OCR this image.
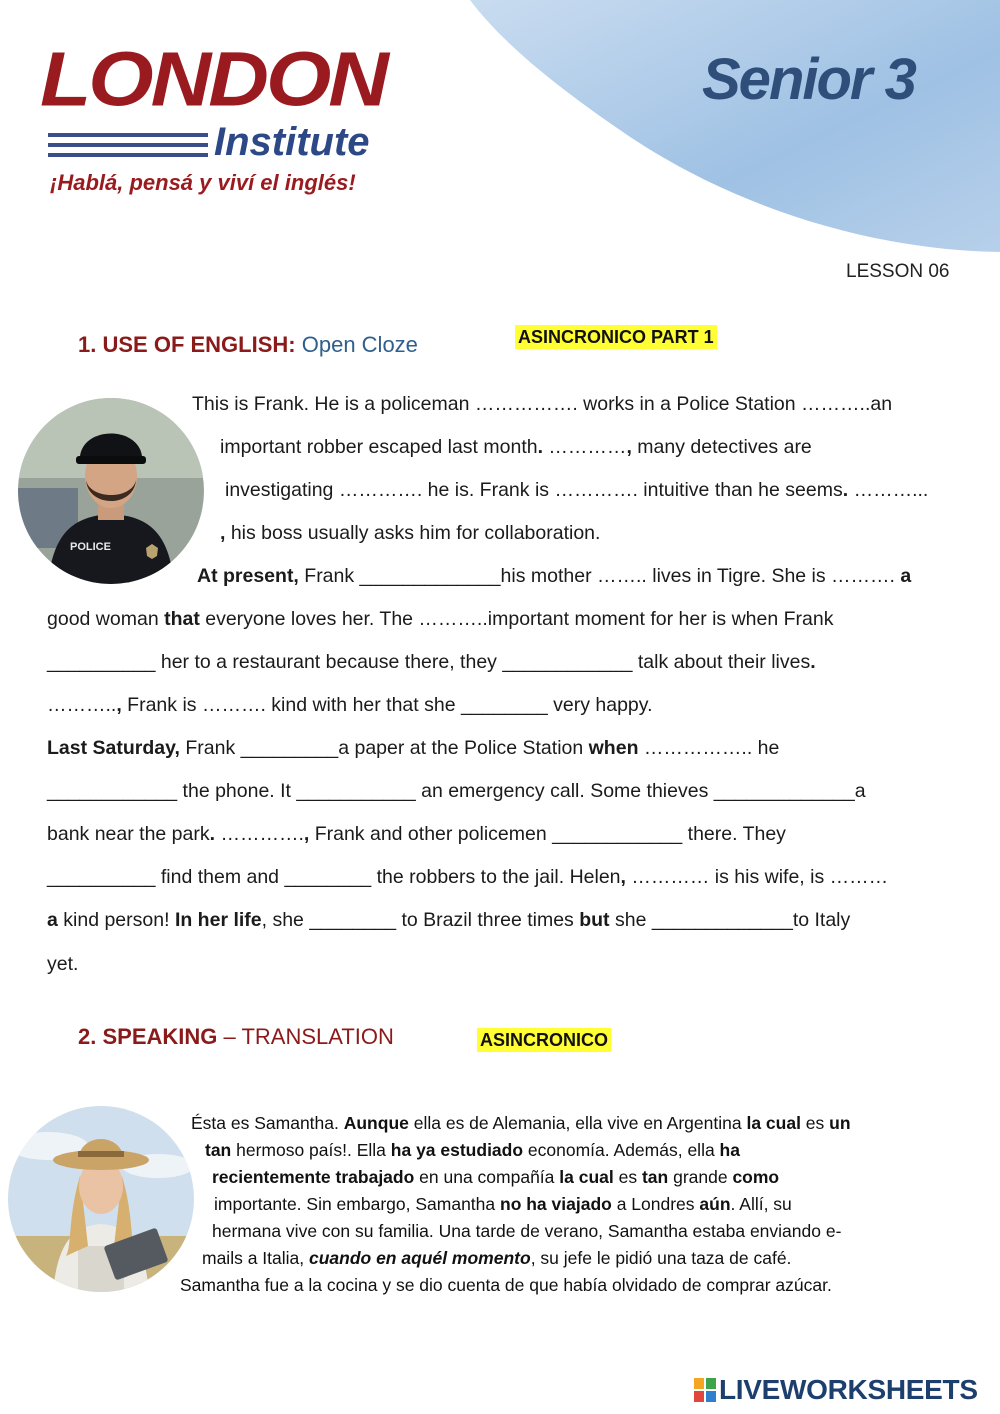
LONDON
Institute
¡Hablá, pensá y viví el inglés!
Senior 3
LESSON 06
1. USE OF ENGLISH: Open Cloze	ASINCRONICO PART 1
POLICE
This is Frank. He is a policeman ……………. works in a Police Station ………..an
important robber escaped last month. …………, many detectives are
investigating …………. he is. Frank is …………. intuitive than he seems. ………...
, his boss usually asks him for collaboration.
At present, Frank _____________his mother …….. lives in Tigre. She is ………. a
good woman that everyone loves her. The ………..important moment for her is when Frank
__________ her to a restaurant because there, they ____________ talk about their lives.
……….., Frank is ………. kind with her that she ________ very happy.
Last Saturday, Frank _________a paper at the Police Station when …………….. he
____________ the phone. It ___________ an emergency call. Some thieves _____________a
bank near the park. …………., Frank and other policemen ____________ there. They
__________ find them and ________ the robbers to the jail. Helen, ………… is his wife, is ………
a kind person! In her life, she ________ to Brazil three times but she _____________to Italy
yet.
2. SPEAKING – TRANSLATION	ASINCRONICO
Ésta es Samantha. Aunque ella es de Alemania, ella vive en Argentina la cual es un
tan hermoso país!. Ella ha ya estudiado economía. Además, ella ha
recientemente trabajado en una compañía la cual es tan grande como
importante. Sin embargo, Samantha no ha viajado a Londres aún. Allí, su
hermana vive con su familia. Una tarde de verano, Samantha estaba enviando e-
mails a Italia, cuando en aquél momento, su jefe le pidió una taza de café.
Samantha fue a la cocina y se dio cuenta de que había olvidado de comprar azúcar.
LIVEWORKSHEETS
